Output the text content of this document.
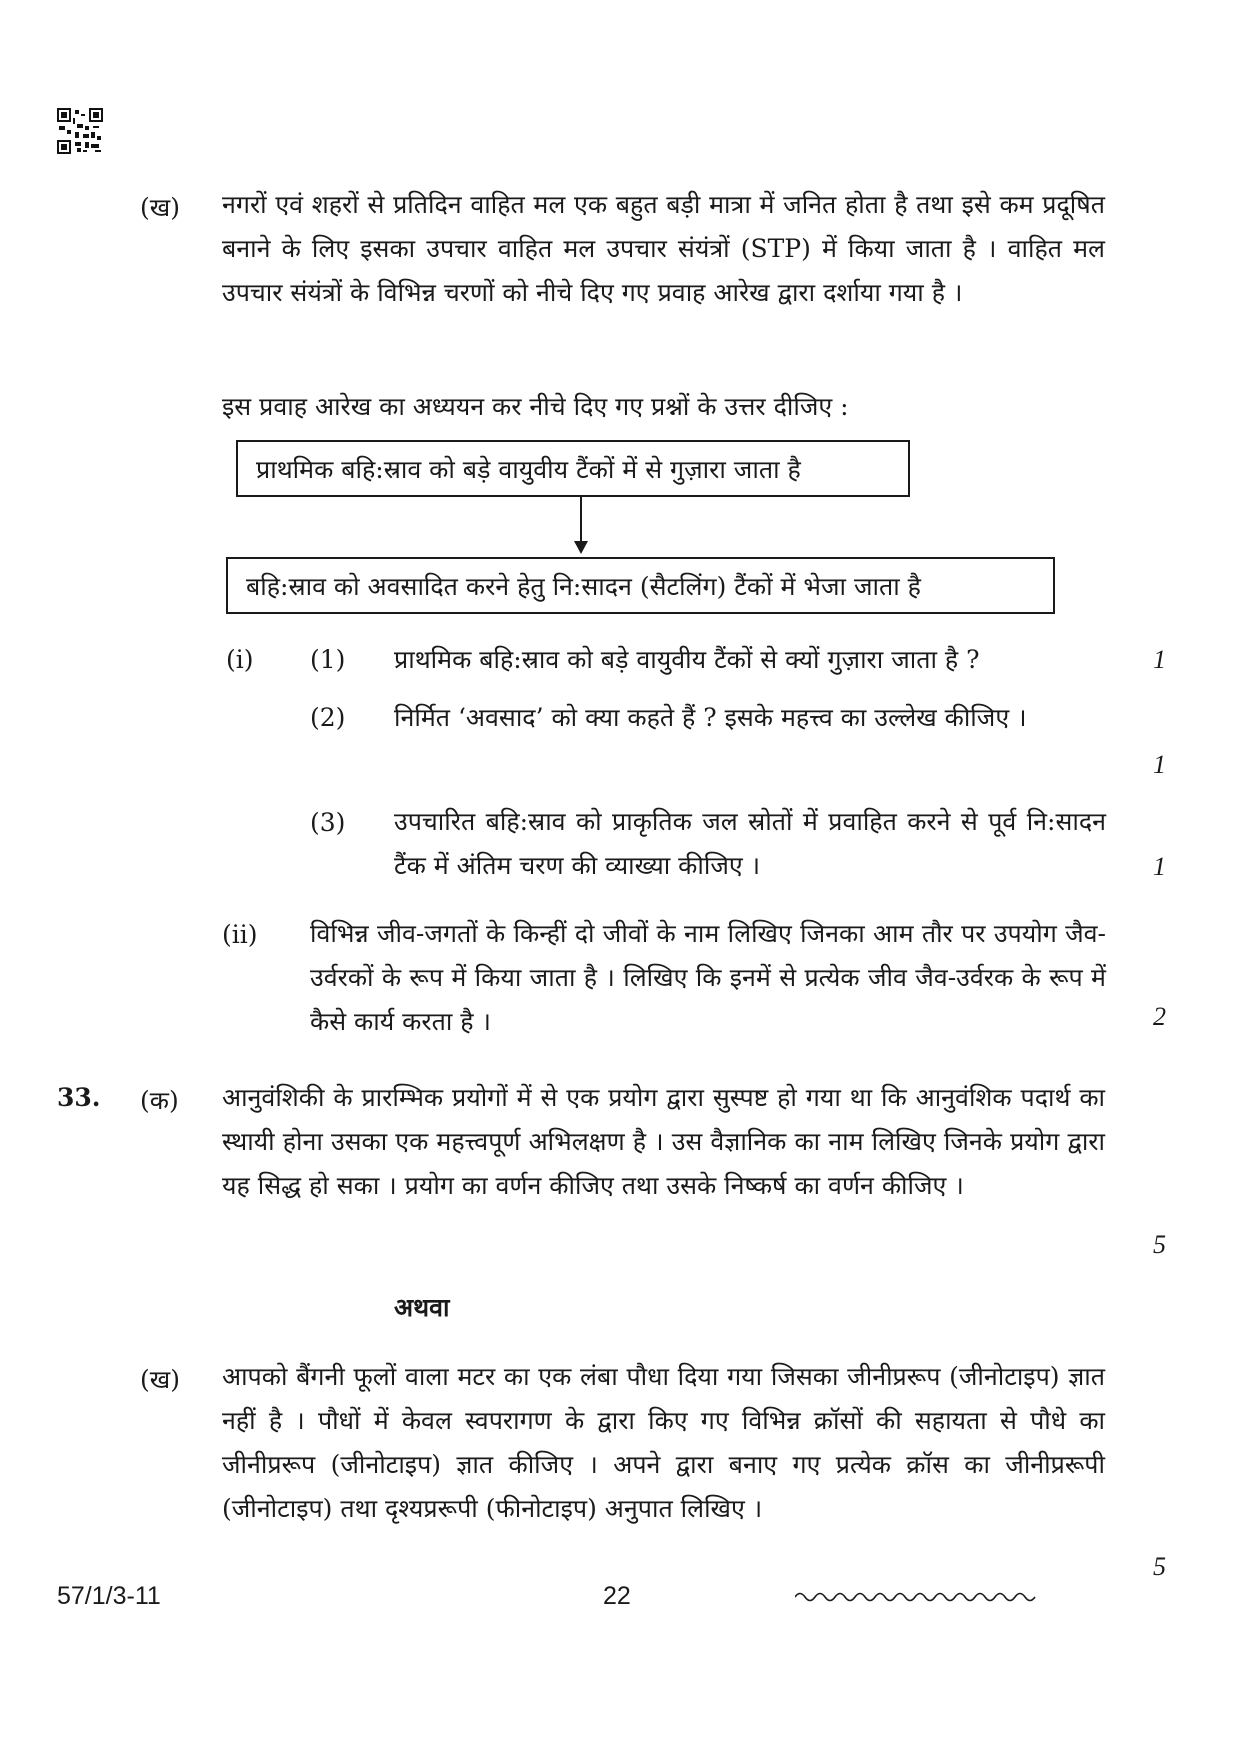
(ख) नगरों एवं शहरों से प्रतिदिन वाहित मल एक बहुत बड़ी मात्रा में जनित होता है तथा इसे कम प्रदूषित बनाने के लिए इसका उपचार वाहित मल उपचार संयंत्रों (STP) में किया जाता है । वाहित मल उपचार संयंत्रों के विभिन्न चरणों को नीचे दिए गए प्रवाह आरेख द्वारा दर्शाया गया है ।
इस प्रवाह आरेख का अध्ययन कर नीचे दिए गए प्रश्नों के उत्तर दीजिए :
प्राथमिक बहि:स्राव को बड़े वायुवीय टैंकों में से गुज़ारा जाता है
बहि:स्राव को अवसादित करने हेतु नि:सादन (सैटलिंग) टैंकों में भेजा जाता है
(i) (1) प्राथमिक बहि:स्राव को बड़े वायुवीय टैंकों से क्यों गुज़ारा जाता है ?	1
(2) निर्मित ‘अवसाद’ को क्या कहते हैं ? इसके महत्त्व का उल्लेख कीजिए ।
1
(3) उपचारित बहि:स्राव को प्राकृतिक जल स्रोतों में प्रवाहित करने से पूर्व नि:सादन टैंक में अंतिम चरण की व्याख्या कीजिए ।	1
(ii) विभिन्न जीव-जगतों के किन्हीं दो जीवों के नाम लिखिए जिनका आम तौर पर उपयोग जैव-उर्वरकों के रूप में किया जाता है । लिखिए कि इनमें से प्रत्येक जीव जैव-उर्वरक के रूप में कैसे कार्य करता है ।	2
33. (क) आनुवंशिकी के प्रारम्भिक प्रयोगों में से एक प्रयोग द्वारा सुस्पष्ट हो गया था कि आनुवंशिक पदार्थ का स्थायी होना उसका एक महत्त्वपूर्ण अभिलक्षण है । उस वैज्ञानिक का नाम लिखिए जिनके प्रयोग द्वारा यह सिद्ध हो सका । प्रयोग का वर्णन कीजिए तथा उसके निष्कर्ष का वर्णन कीजिए ।
5
अथवा
(ख) आपको बैंगनी फूलों वाला मटर का एक लंबा पौधा दिया गया जिसका जीनीप्ररूप (जीनोटाइप) ज्ञात नहीं है । पौधों में केवल स्वपरागण के द्वारा किए गए विभिन्न क्रॉसों की सहायता से पौधे का जीनीप्ररूप (जीनोटाइप) ज्ञात कीजिए । अपने द्वारा बनाए गए प्रत्येक क्रॉस का जीनीप्ररूपी (जीनोटाइप) तथा दृश्यप्ररूपी (फीनोटाइप) अनुपात लिखिए ।
5
57/1/3-11	22
